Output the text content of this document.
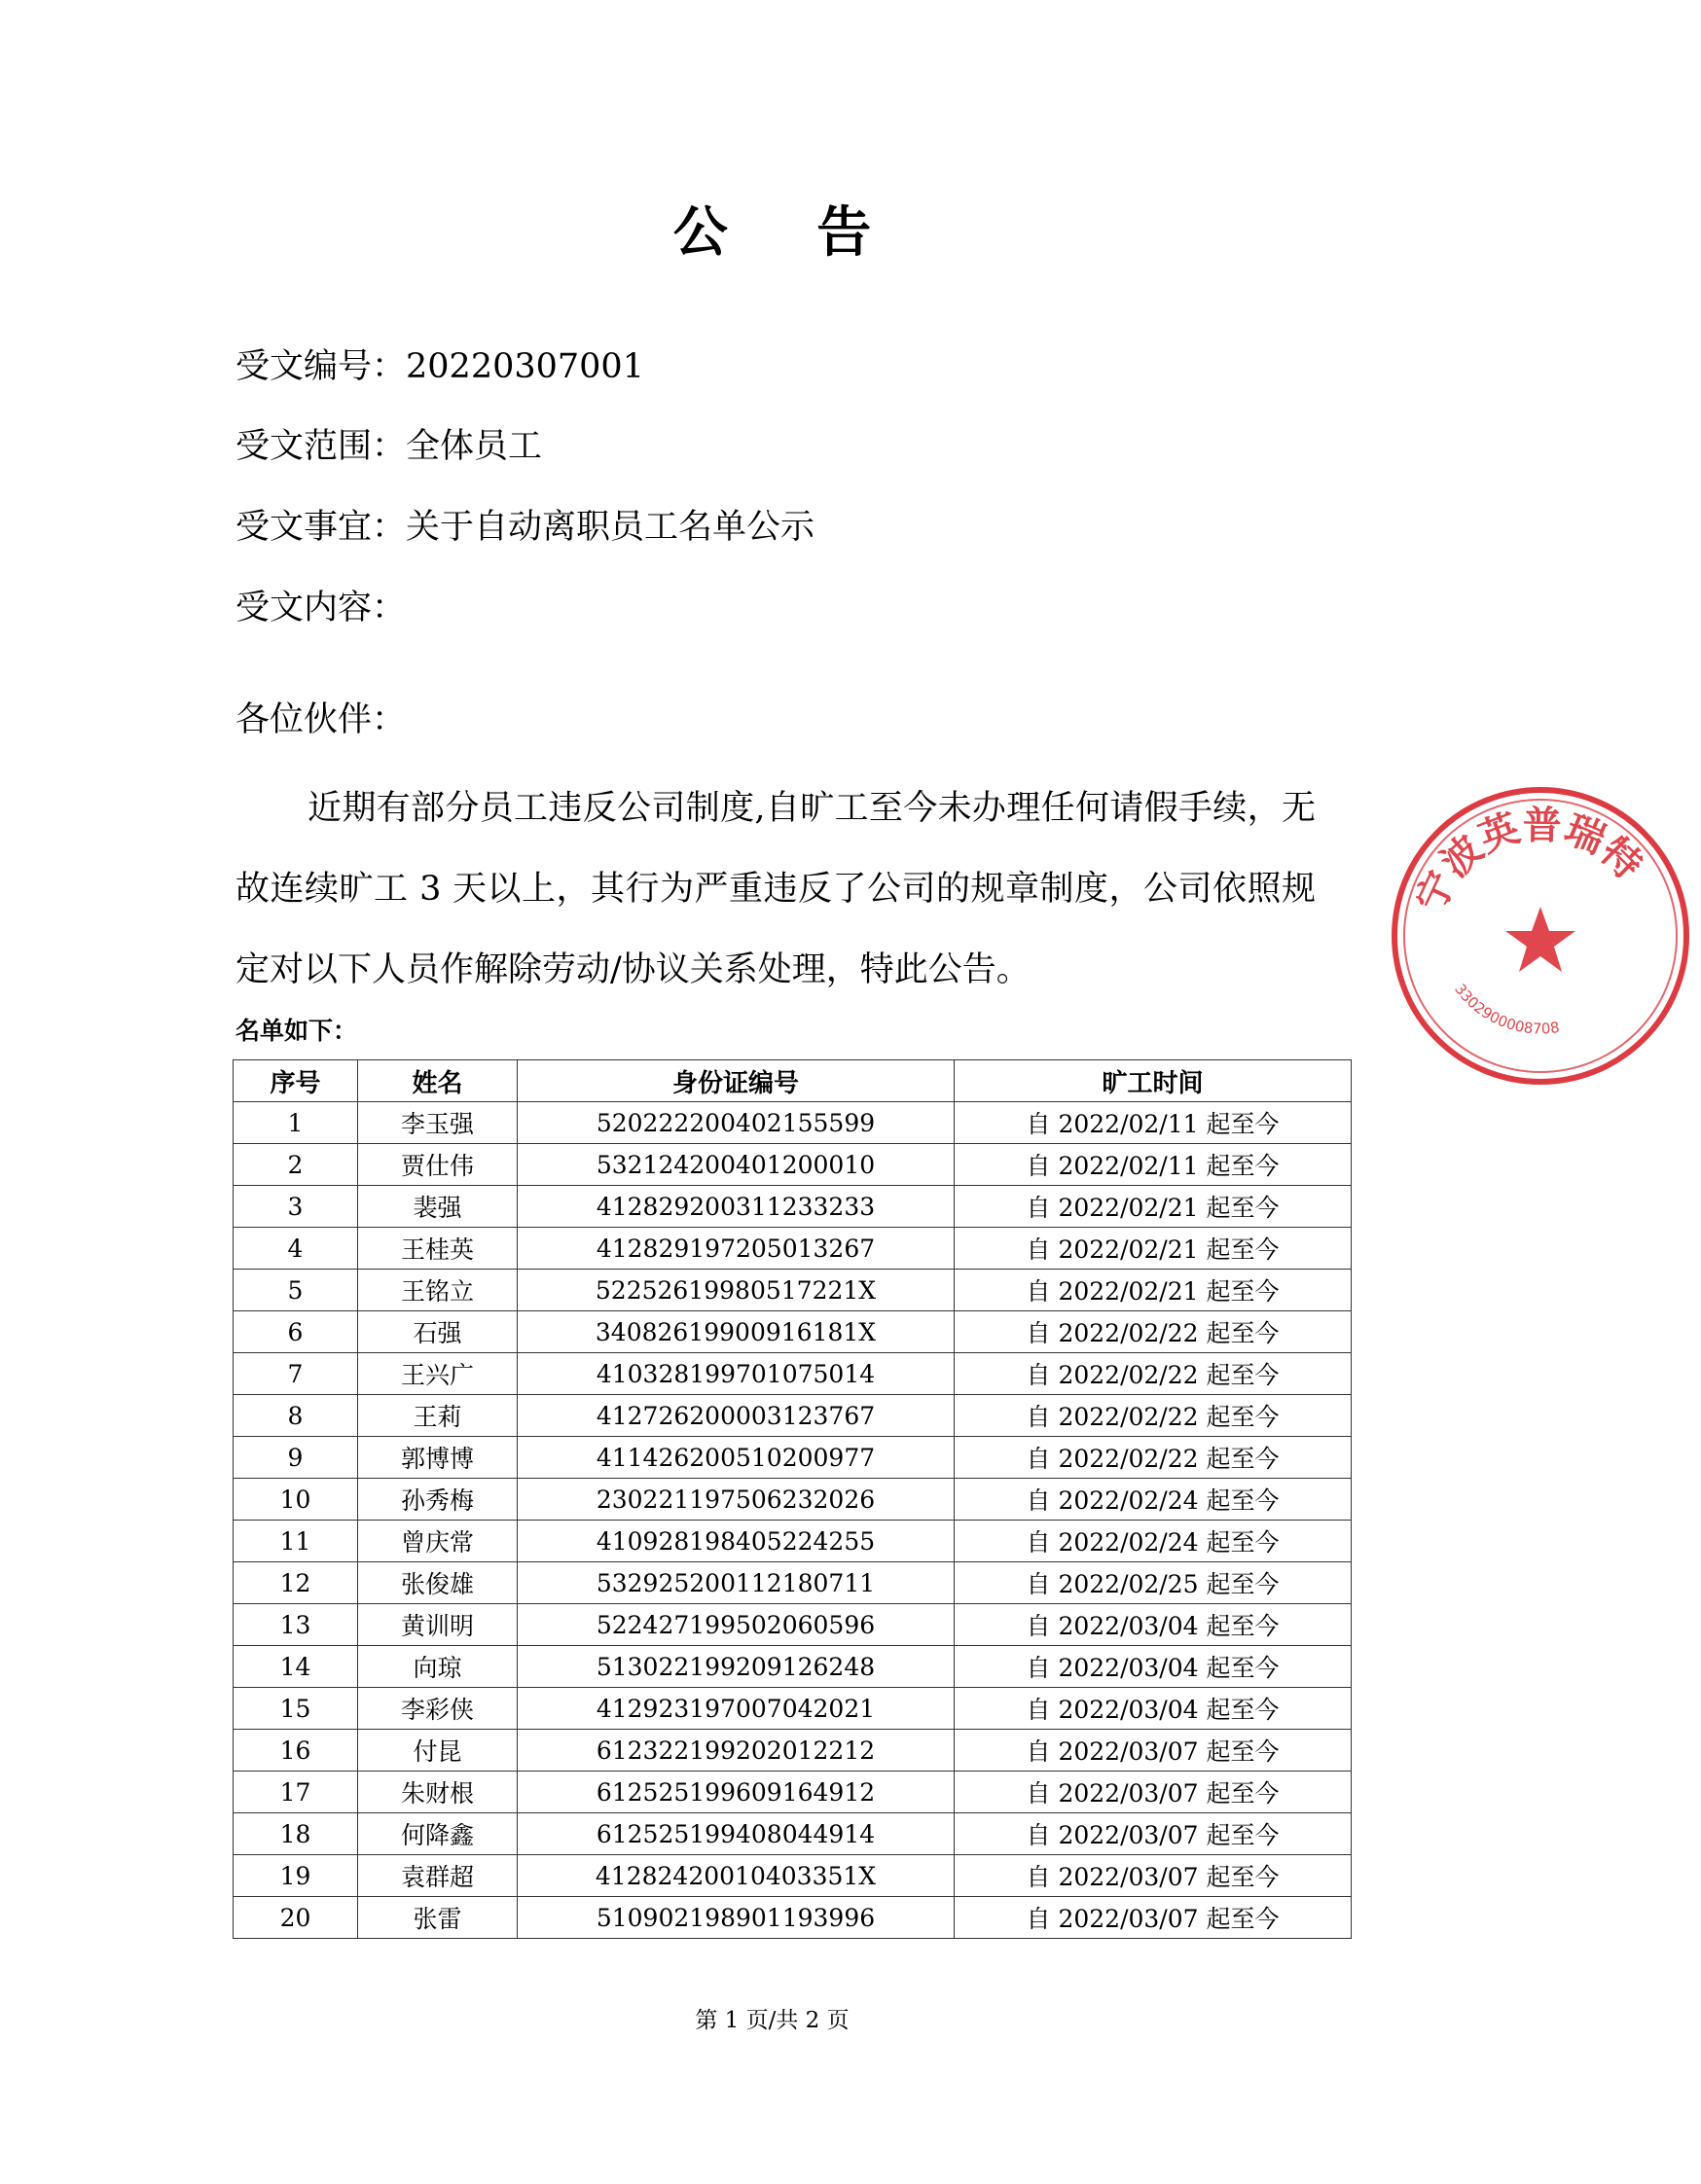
公 告
受文编号：20220307001
受文范围：全体员工
受文事宜：关于自动离职员工名单公示
受文内容：
各位伙伴：
近期有部分员工违反公司制度,自旷工至今未办理任何请假手续，无故连续旷工 3 天以上，其行为严重违反了公司的规章制度，公司依照规定对以下人员作解除劳动/协议关系处理，特此公告。
名单如下：
序号	姓名	身份证编号	旷工时间
1	李玉强	520222200402155599	自 2022/02/11 起至今
2	贾仕伟	532124200401200010	自 2022/02/11 起至今
3	裴强	412829200311233233	自 2022/02/21 起至今
4	王桂英	412829197205013267	自 2022/02/21 起至今
5	王铭立	52252619980517221X	自 2022/02/21 起至今
6	石强	34082619900916181X	自 2022/02/22 起至今
7	王兴广	410328199701075014	自 2022/02/22 起至今
8	王莉	412726200003123767	自 2022/02/22 起至今
9	郭博博	411426200510200977	自 2022/02/22 起至今
10	孙秀梅	230221197506232026	自 2022/02/24 起至今
11	曾庆常	410928198405224255	自 2022/02/24 起至今
12	张俊雄	532925200112180711	自 2022/02/25 起至今
13	黄训明	522427199502060596	自 2022/03/04 起至今
14	向琼	513022199209126248	自 2022/03/04 起至今
15	李彩侠	412923197007042021	自 2022/03/04 起至今
16	付昆	612322199202012212	自 2022/03/07 起至今
17	朱财根	612525199609164912	自 2022/03/07 起至今
18	何降鑫	612525199408044914	自 2022/03/07 起至今
19	袁群超	41282420010403351X	自 2022/03/07 起至今
20	张雷	510902198901193996	自 2022/03/07 起至今
第 1 页/共 2 页
宁波英普瑞特
3302900008708
